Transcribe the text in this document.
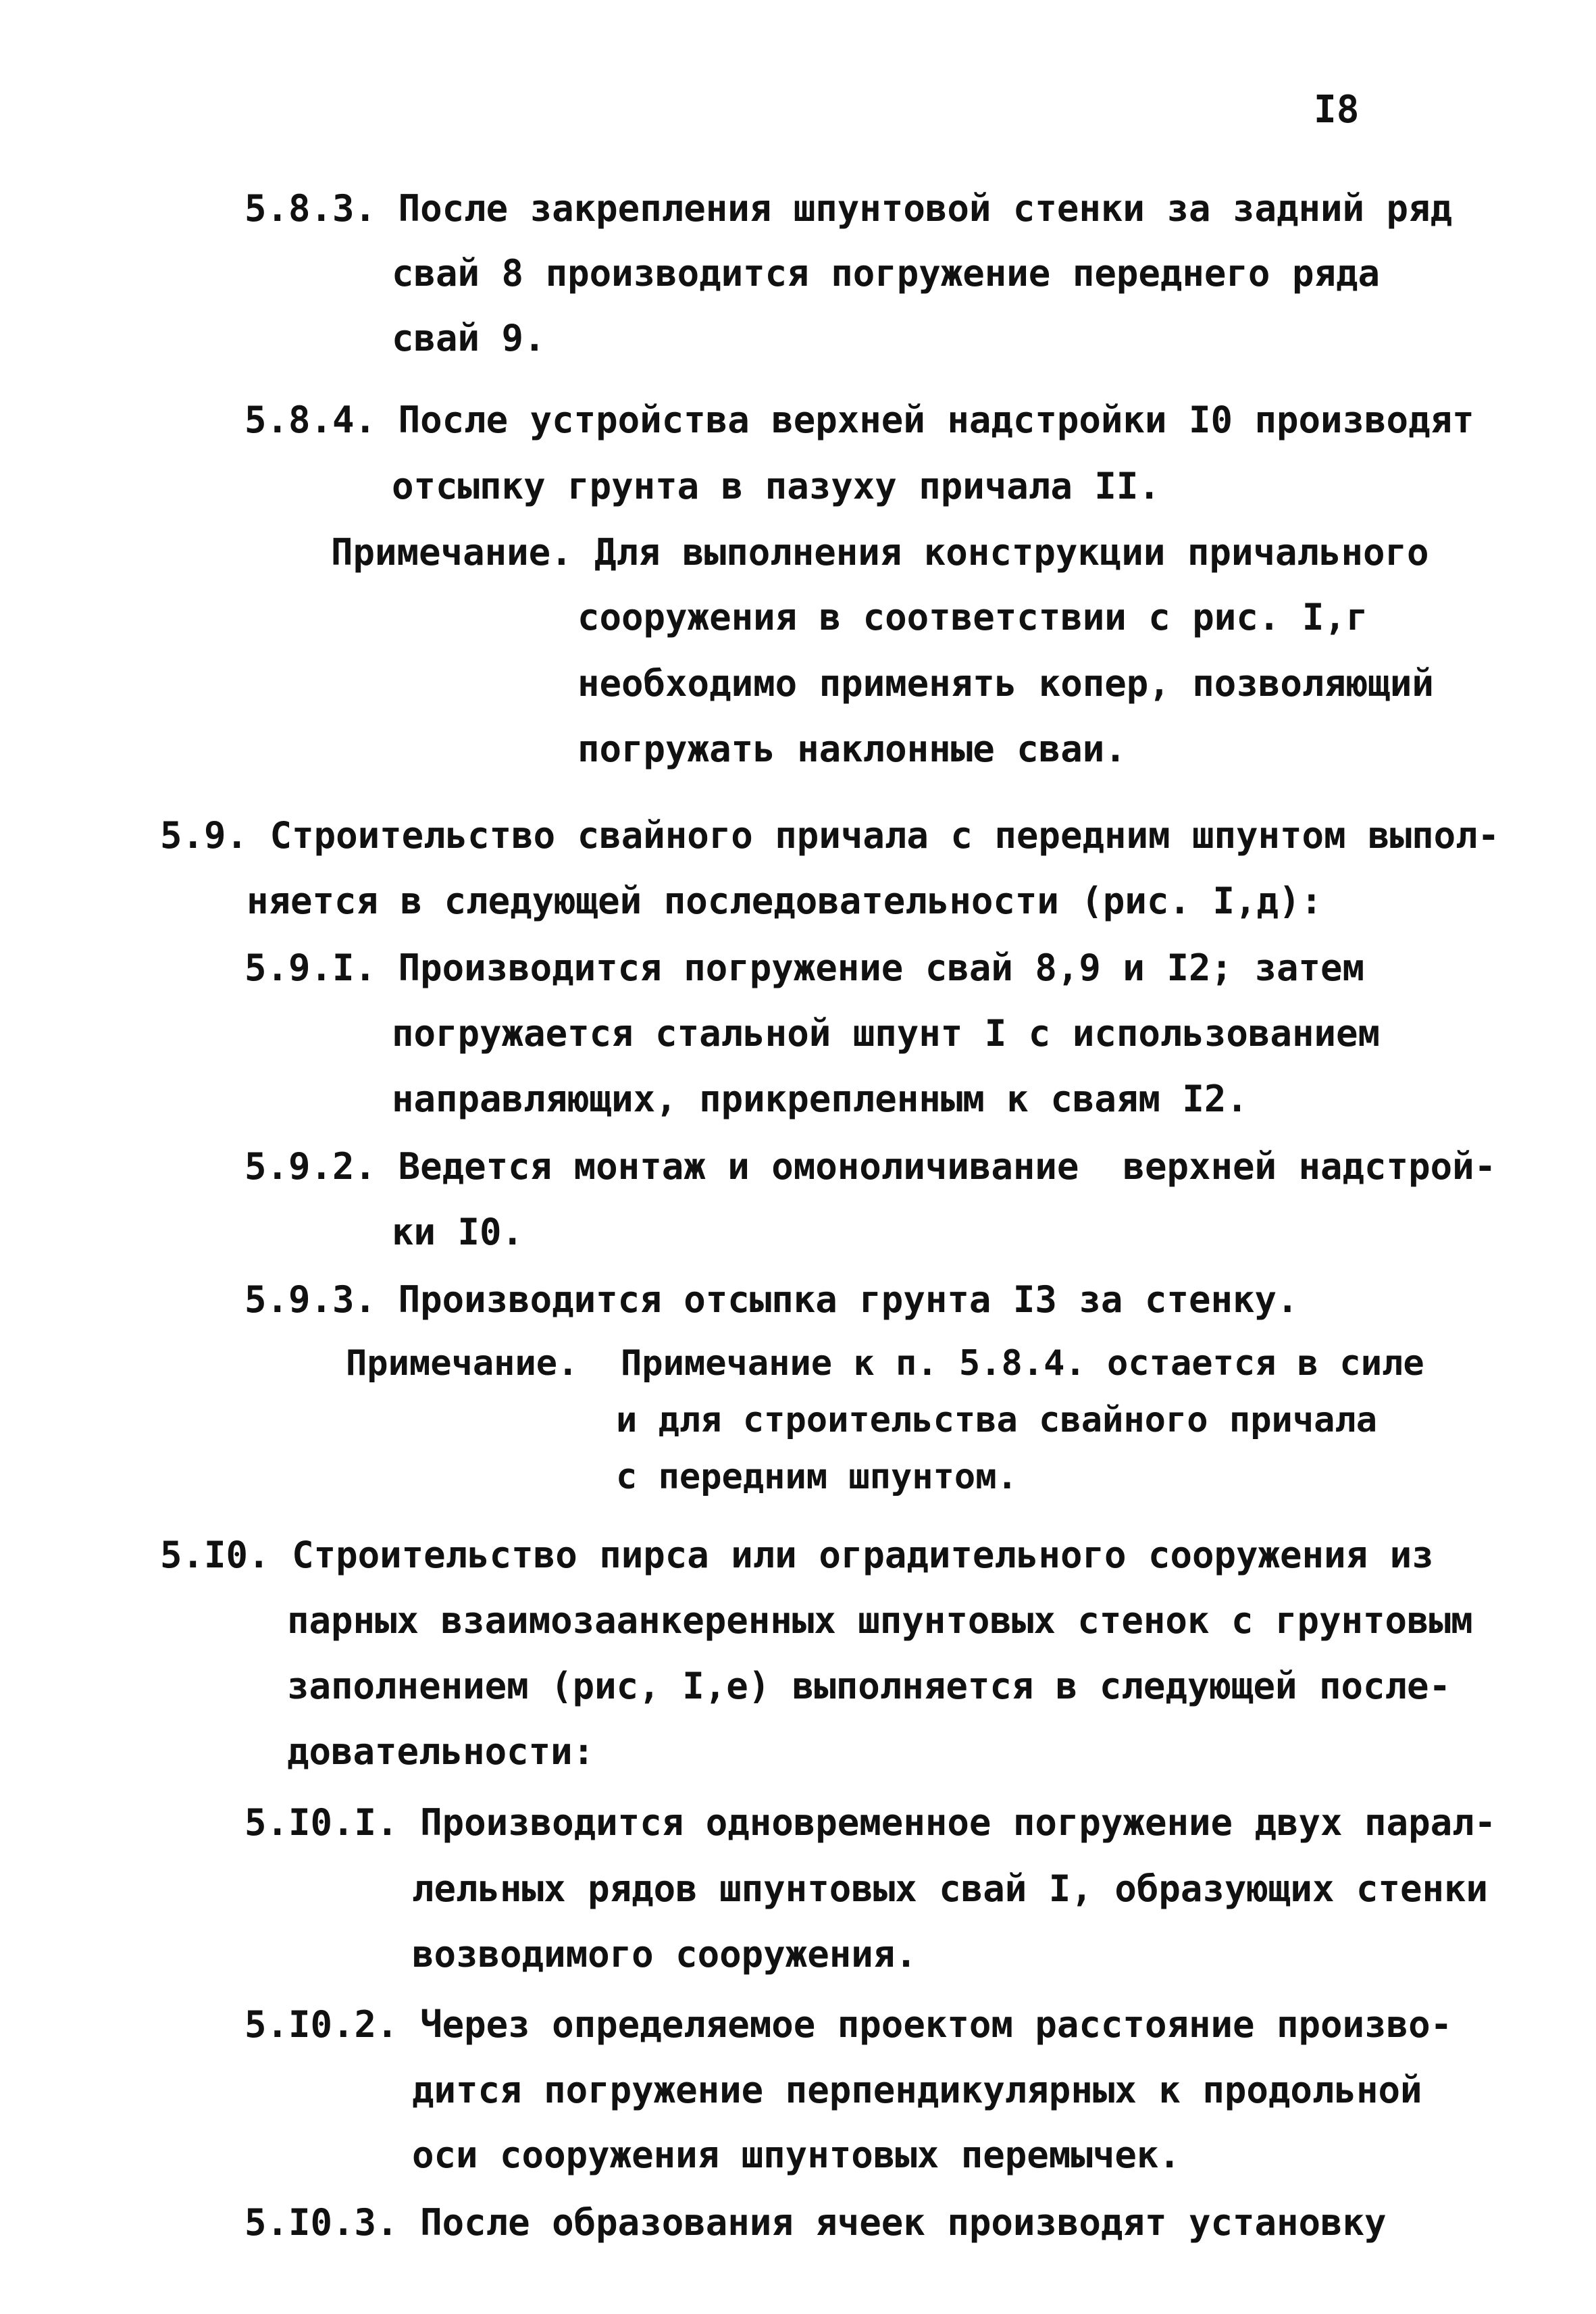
I8
5.8.3. После закрепления шпунтовой стенки за задний ряд
свай 8 производится погружение переднего ряда
свай 9.
5.8.4. После устройства верхней надстройки I0 производят
отсыпку грунта в пазуху причала II.
Примечание. Для выполнения конструкции причального
сооружения в соответствии с рис. I,г
необходимо применять копер, позволяющий
погружать наклонные сваи.
5.9. Строительство свайного причала с передним шпунтом выпол-
няется в следующей последовательности (рис. I,д):
5.9.I. Производится погружение свай 8,9 и I2; затем
погружается стальной шпунт I с использованием
направляющих, прикрепленным к сваям I2.
5.9.2. Ведется монтаж и омоноличивание  верхней надстрой-
ки I0.
5.9.3. Производится отсыпка грунта I3 за стенку.
Примечание.  Примечание к п. 5.8.4. остается в силе
и для строительства свайного причала
с передним шпунтом.
5.I0. Строительство пирса или оградительного сооружения из
парных взаимозаанкеренных шпунтовых стенок с грунтовым
заполнением (рис, I,е) выполняется в следующей после-
довательности:
5.I0.I. Производится одновременное погружение двух парал-
лельных рядов шпунтовых свай I, образующих стенки
возводимого сооружения.
5.I0.2. Через определяемое проектом расстояние произво-
дится погружение перпендикулярных к продольной
оси сооружения шпунтовых перемычек.
5.I0.3. После образования ячеек производят установку
